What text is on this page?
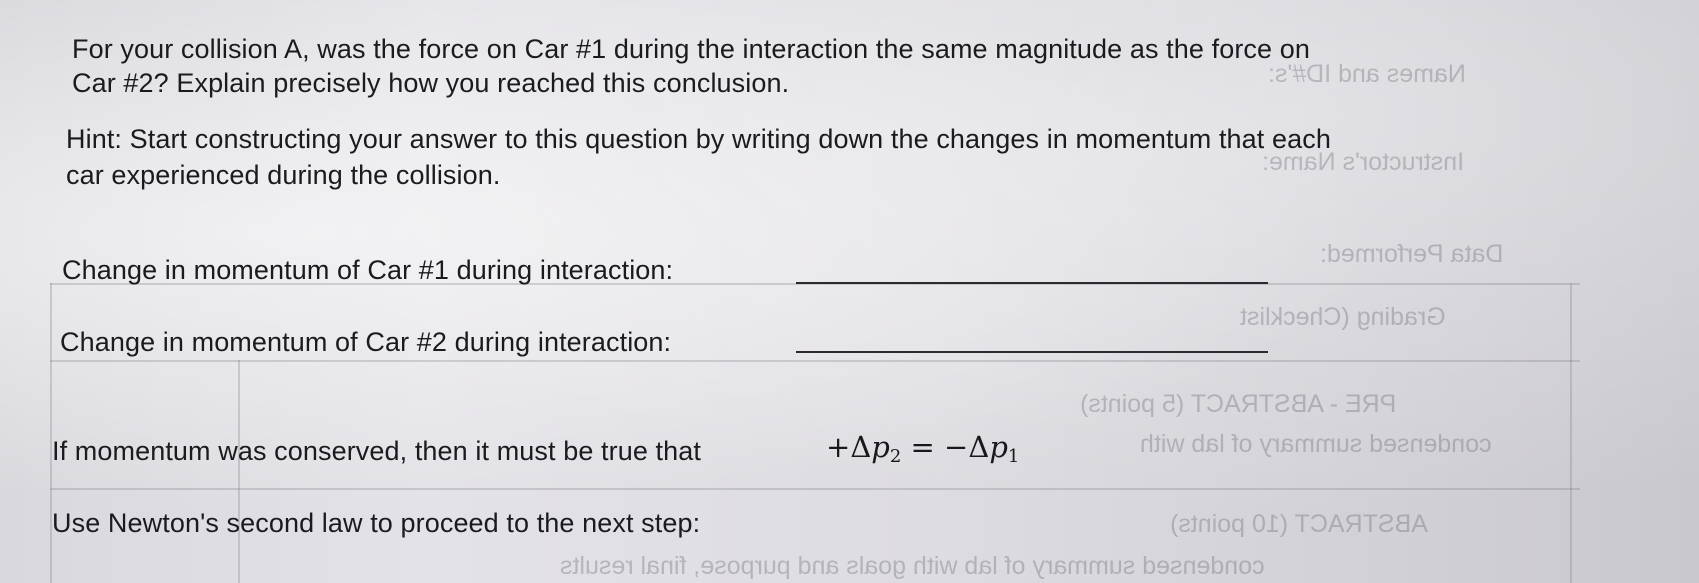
Names and ID#'s:
Instructor's Name:
Data Performed:
Grading (Checklist
PRE - ABSTRACT (5 points)
condensed summary of lab with
ABSTRACT (10 points)
condensed summary of lab with goals and purpose, final results
For your collision A, was the force on Car #1 during the interaction the same magnitude as the force on
Car #2? Explain precisely how you reached this conclusion.
Hint: Start constructing your answer to this question by writing down the changes in momentum that each
car experienced during the collision.
Change in momentum of Car #1 during interaction:
Change in momentum of Car #2 during interaction:
If momentum was conserved, then it must be true that	$+\Delta p_2 = -\Delta p_1$
Use Newton's second law to proceed to the next step:
